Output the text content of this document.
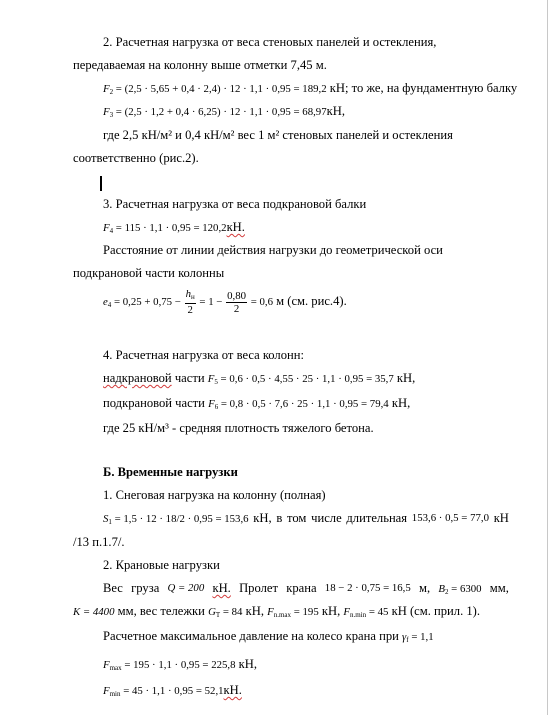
2. Расчетная нагрузка от веса стеновых панелей и остекления,
передаваемая на колонну выше отметки 7,45 м.
$F_2 = (2,5 \cdot 5,65 + 0,4 \cdot 2,4) \cdot 12 \cdot 1,1 \cdot 0,95 = 189,2$ кН; то же, на фундаментную балку
$F_3 = (2,5 \cdot 1,2 + 0,4 \cdot 6,25) \cdot 12 \cdot 1,1 \cdot 0,95 = 68,97кН$,
где 2,5 кН/м² и 0,4 кН/м² вес 1 м² стеновых панелей и остекления
соответственно (рис.2).
3. Расчетная нагрузка от веса подкрановой балки
$F_4 = 115 \cdot 1,1 \cdot 0,95 = 120,2кН$.
Расстояние от линии действия нагрузки до геометрической оси
подкрановой части колонны
$e_4 = 0,25 + 0,75 - \frac{h_н}{2} = 1 - \frac{0,80}{2} = 0,6$ м (см. рис.4).
4. Расчетная нагрузка от веса колонн:
надкрановой части $F_5 = 0,6 \cdot 0,5 \cdot 4,55 \cdot 25 \cdot 1,1 \cdot 0,95 = 35,7$ кН,
подкрановой части $F_6 = 0,8 \cdot 0,5 \cdot 7,6 \cdot 25 \cdot 1,1 \cdot 0,95 = 79,4$ кН,
где 25 кН/м³ - средняя плотность тяжелого бетона.
Б. Временные нагрузки
1. Снеговая нагрузка на колонну (полная)
$S_1 = 1,5 \cdot 12 \cdot 18/2 \cdot 0,95 = 153,6$ кН, в том числе длительная 153,6 · 0,5 = 77,0 кН
/13 п.1.7/.
2. Крановые нагрузки
Вес груза Q = 200 кН. Пролет крана 18 − 2 · 0,75 = 16,5 м, $B_2 = 6300$ мм,
K = 4400 мм, вес тележки $G_T = 84$ кН, $F_{n.max} = 195$ кН, $F_{n.min} = 45$ кН (см. прил. 1).
Расчетное максимальное давление на колесо крана при $\gamma_f = 1,1$
$F_{max} = 195 \cdot 1,1 \cdot 0,95 = 225,8$ кН,
$F_{min} = 45 \cdot 1,1 \cdot 0,95 = 52,1кН$.
